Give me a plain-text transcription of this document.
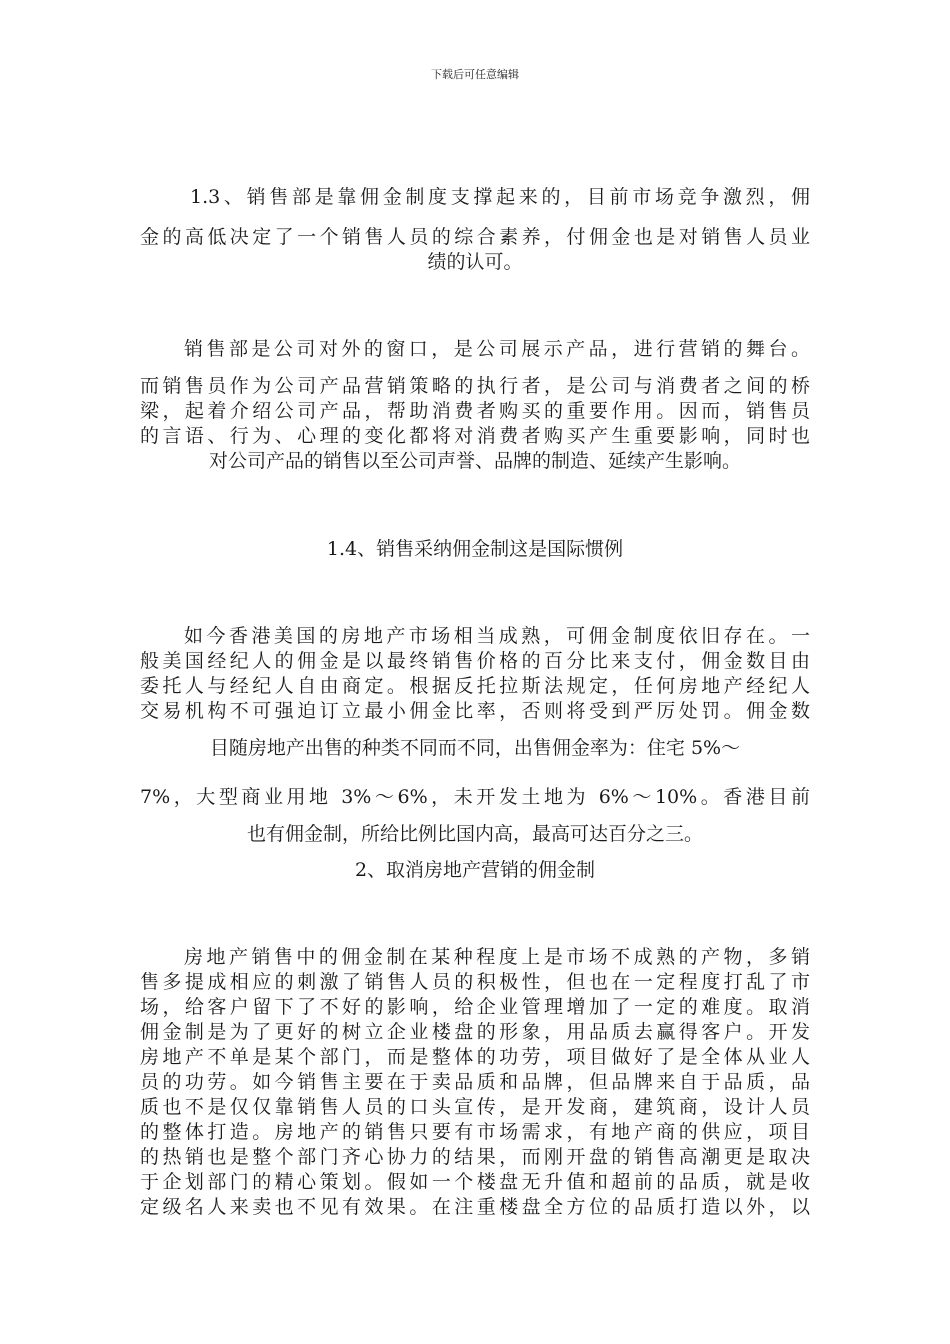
下载后可任意编辑
1.3、销售部是靠佣金制度支撑起来的，目前市场竞争激烈，佣
金的高低决定了一个销售人员的综合素养，付佣金也是对销售人员业
绩的认可。
销售部是公司对外的窗口，是公司展示产品，进行营销的舞台。
而销售员作为公司产品营销策略的执行者，是公司与消费者之间的桥
梁，起着介绍公司产品，帮助消费者购买的重要作用。因而，销售员
的言语、行为、心理的变化都将对消费者购买产生重要影响，同时也
对公司产品的销售以至公司声誉、品牌的制造、延续产生影响。
1.4、销售采纳佣金制这是国际惯例
如今香港美国的房地产市场相当成熟，可佣金制度依旧存在。一
般美国经纪人的佣金是以最终销售价格的百分比来支付，佣金数目由
委托人与经纪人自由商定。根据反托拉斯法规定，任何房地产经纪人
交易机构不可强迫订立最小佣金比率，否则将受到严厉处罚。佣金数
目随房地产出售的种类不同而不同，出售佣金率为：住宅 5%～
7%，大型商业用地 3%～6%，未开发土地为 6%～10%。香港目前
也有佣金制，所给比例比国内高，最高可达百分之三。
2、取消房地产营销的佣金制
房地产销售中的佣金制在某种程度上是市场不成熟的产物，多销
售多提成相应的刺激了销售人员的积极性，但也在一定程度打乱了市
场，给客户留下了不好的影响，给企业管理增加了一定的难度。取消
佣金制是为了更好的树立企业楼盘的形象，用品质去赢得客户。开发
房地产不单是某个部门，而是整体的功劳，项目做好了是全体从业人
员的功劳。如今销售主要在于卖品质和品牌，但品牌来自于品质，品
质也不是仅仅靠销售人员的口头宣传，是开发商，建筑商，设计人员
的整体打造。房地产的销售只要有市场需求，有地产商的供应，项目
的热销也是整个部门齐心协力的结果，而刚开盘的销售高潮更是取决
于企划部门的精心策划。假如一个楼盘无升值和超前的品质，就是收
定级名人来卖也不见有效果。在注重楼盘全方位的品质打造以外，以
